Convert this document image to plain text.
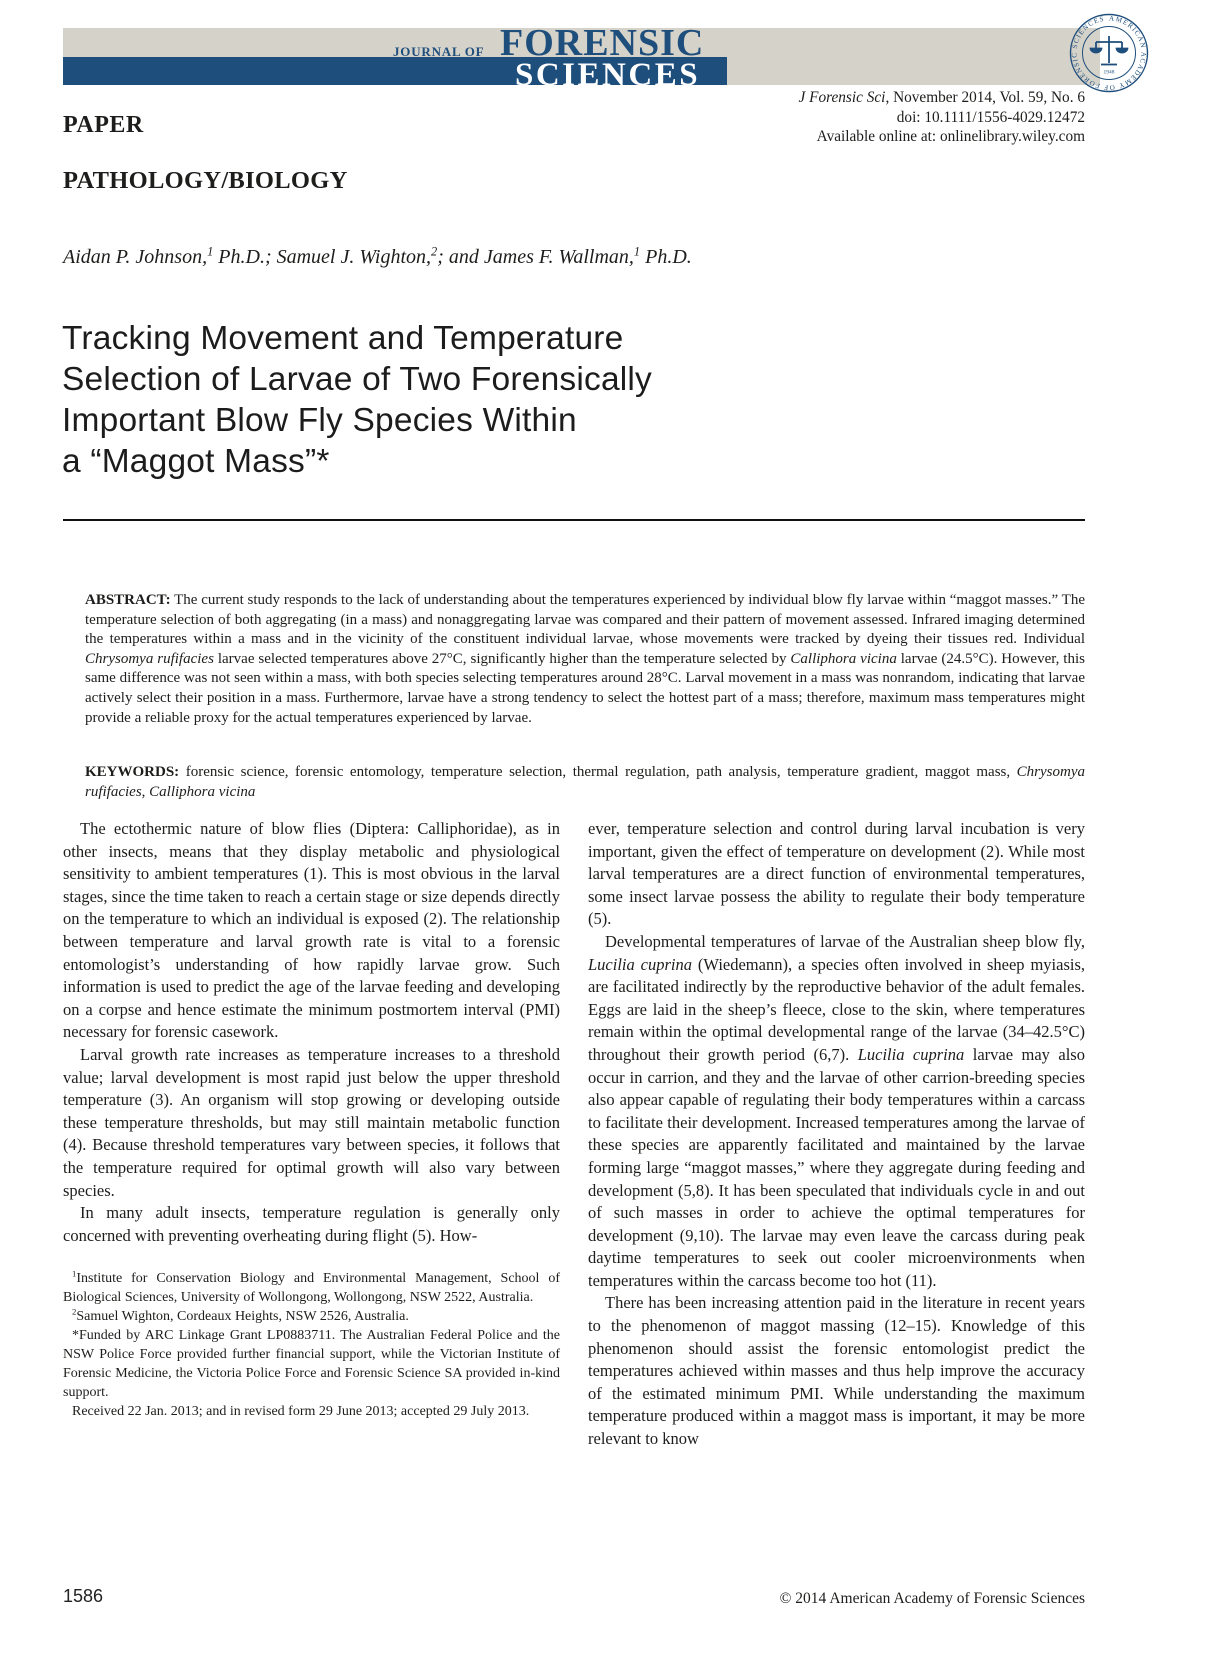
JOURNAL OF FORENSIC
SCIENCES
AMERICAN ACADEMY OF FORENSIC SCIENCES
1948
J Forensic Sci, November 2014, Vol. 59, No. 6
doi: 10.1111/1556-4029.12472
Available online at: onlinelibrary.wiley.com
PAPER
PATHOLOGY/BIOLOGY
Aidan P. Johnson,$^1$ Ph.D.; Samuel J. Wighton,$^2$; and James F. Wallman,$^1$ Ph.D.
Tracking Movement and Temperature
Selection of Larvae of Two Forensically
Important Blow Fly Species Within
a “Maggot Mass”*

ABSTRACT: The current study responds to the lack of understanding about the temperatures experienced by individual blow fly larvae within “maggot masses.” The temperature selection of both aggregating (in a mass) and nonaggregating larvae was compared and their pattern of movement assessed. Infrared imaging determined the temperatures within a mass and in the vicinity of the constituent individual larvae, whose movements were tracked by dyeing their tissues red. Individual Chrysomya rufifacies larvae selected temperatures above 27°C, significantly higher than the temperature selected by Calliphora vicina larvae (24.5°C). However, this same difference was not seen within a mass, with both species selecting temperatures around 28°C. Larval movement in a mass was nonrandom, indicating that larvae actively select their position in a mass. Furthermore, larvae have a strong tendency to select the hottest part of a mass; therefore, maximum mass temperatures might provide a reliable proxy for the actual temperatures experienced by larvae.

KEYWORDS: forensic science, forensic entomology, temperature selection, thermal regulation, path analysis, temperature gradient, maggot mass, Chrysomya rufifacies, Calliphora vicina

The ectothermic nature of blow flies (Diptera: Calliphoridae), as in other insects, means that they display metabolic and physiological sensitivity to ambient temperatures (1). This is most obvious in the larval stages, since the time taken to reach a certain stage or size depends directly on the temperature to which an individual is exposed (2). The relationship between temperature and larval growth rate is vital to a forensic entomologist’s understanding of how rapidly larvae grow. Such information is used to predict the age of the larvae feeding and developing on a corpse and hence estimate the minimum postmortem interval (PMI) necessary for forensic casework.

Larval growth rate increases as temperature increases to a threshold value; larval development is most rapid just below the upper threshold temperature (3). An organism will stop growing or developing outside these temperature thresholds, but may still maintain metabolic function (4). Because threshold temperatures vary between species, it follows that the temperature required for optimal growth will also vary between species.

In many adult insects, temperature regulation is generally only concerned with preventing overheating during flight (5). How-

$^1$Institute for Conservation Biology and Environmental Management, School of Biological Sciences, University of Wollongong, Wollongong, NSW 2522, Australia.

$^2$Samuel Wighton, Cordeaux Heights, NSW 2526, Australia.

*Funded by ARC Linkage Grant LP0883711. The Australian Federal Police and the NSW Police Force provided further financial support, while the Victorian Institute of Forensic Medicine, the Victoria Police Force and Forensic Science SA provided in-kind support.

Received 22 Jan. 2013; and in revised form 29 June 2013; accepted 29 July 2013.

ever, temperature selection and control during larval incubation is very important, given the effect of temperature on development (2). While most larval temperatures are a direct function of environmental temperatures, some insect larvae possess the ability to regulate their body temperature (5).

Developmental temperatures of larvae of the Australian sheep blow fly, Lucilia cuprina (Wiedemann), a species often involved in sheep myiasis, are facilitated indirectly by the reproductive behavior of the adult females. Eggs are laid in the sheep’s fleece, close to the skin, where temperatures remain within the optimal developmental range of the larvae (34–42.5°C) throughout their growth period (6,7). Lucilia cuprina larvae may also occur in carrion, and they and the larvae of other carrion-breeding species also appear capable of regulating their body temperatures within a carcass to facilitate their development. Increased temperatures among the larvae of these species are apparently facilitated and maintained by the larvae forming large “maggot masses,” where they aggregate during feeding and development (5,8). It has been speculated that individuals cycle in and out of such masses in order to achieve the optimal temperatures for development (9,10). The larvae may even leave the carcass during peak daytime temperatures to seek out cooler microenvironments when temperatures within the carcass become too hot (11).

There has been increasing attention paid in the literature in recent years to the phenomenon of maggot massing (12–15). Knowledge of this phenomenon should assist the forensic entomologist predict the temperatures achieved within masses and thus help improve the accuracy of the estimated minimum PMI. While understanding the maximum temperature produced within a maggot mass is important, it may be more relevant to know

1586	© 2014 American Academy of Forensic Sciences
